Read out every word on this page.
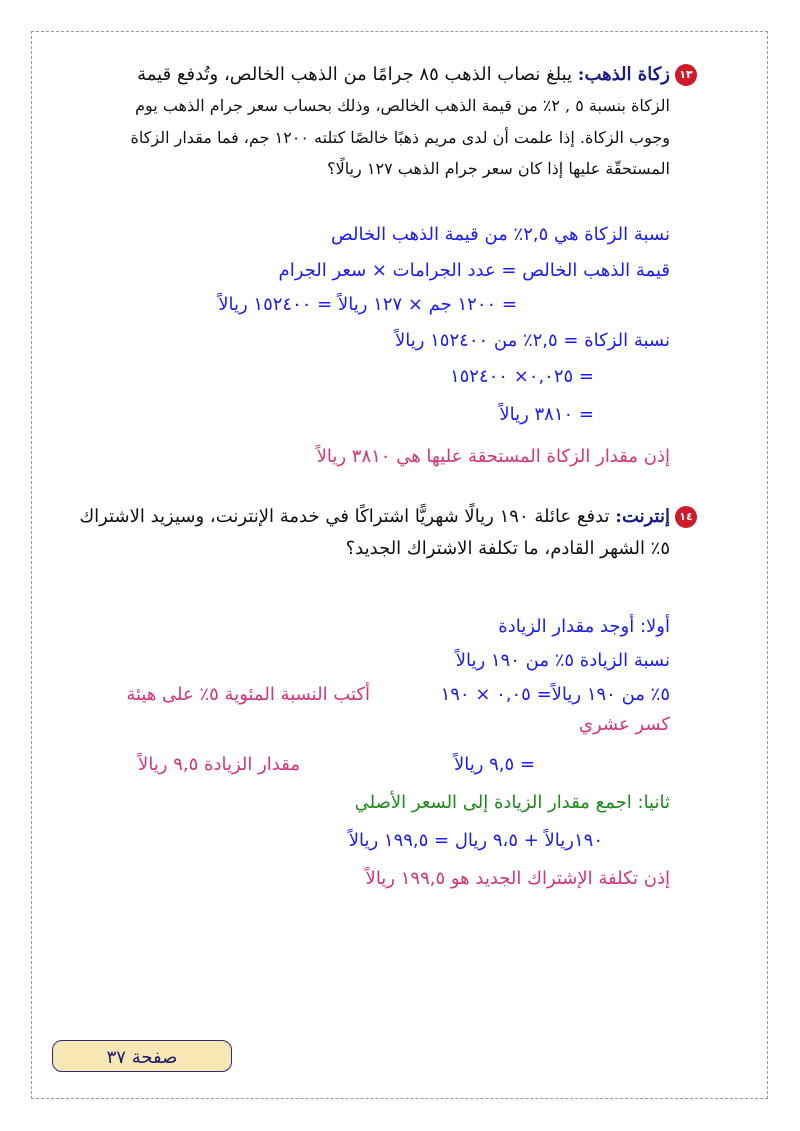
١٣
زكاة الذهب: يبلغ نصاب الذهب ٨٥ جرامًا من الذهب الخالص، وتُدفع قيمة
الزكاة بنسبة ٥ , ٢٪ من قيمة الذهب الخالص، وذلك بحساب سعر جرام الذهب يوم
وجوب الزكاة. إذا علمت أن لدى مريم ذهبًا خالصًا كتلته ١٢٠٠ جم، فما مقدار الزكاة
المستحقّة عليها إذا كان سعر جرام الذهب ١٢٧ ريالًا؟
نسبة الزكاة هي ٢,٥٪ من قيمة الذهب الخالص
قيمة الذهب الخالص = عدد الجرامات × سعر الجرام
= ١٢٠٠ جم × ١٢٧ ريالاً = ١٥٢٤٠٠ ريالاً
نسبة الزكاة = ٢,٥٪ من ١٥٢٤٠٠ ريالاً
= ٠,٠٢٥× ١٥٢٤٠٠
= ٣٨١٠ ريالاً
إذن مقدار الزكاة المستحقة عليها هي ٣٨١٠ ريالاً
١٤
إنترنت: تدفع عائلة ١٩٠ ريالًا شهريًّا اشتراكًا في خدمة الإنترنت، وسيزيد الاشتراك
٥٪ الشهر القادم، ما تكلفة الاشتراك الجديد؟
أولا: أوجد مقدار الزيادة
نسبة الزيادة ٥٪ من ١٩٠ ريالاً
٥٪ من ١٩٠ ريالاً= ٠,٠٥ × ١٩٠
أكتب النسبة المئوية ٥٪ على هيئة
كسر عشري
= ٩,٥ ريالاً
مقدار الزيادة ٩,٥ ريالاً
ثانيا: اجمع مقدار الزيادة إلى السعر الأصلي
١٩٠ريالاً + ٩،٥ ريال = ١٩٩,٥ ريالاً
إذن تكلفة الإشتراك الجديد هو ١٩٩,٥ ريالاً
صفحة ٣٧
